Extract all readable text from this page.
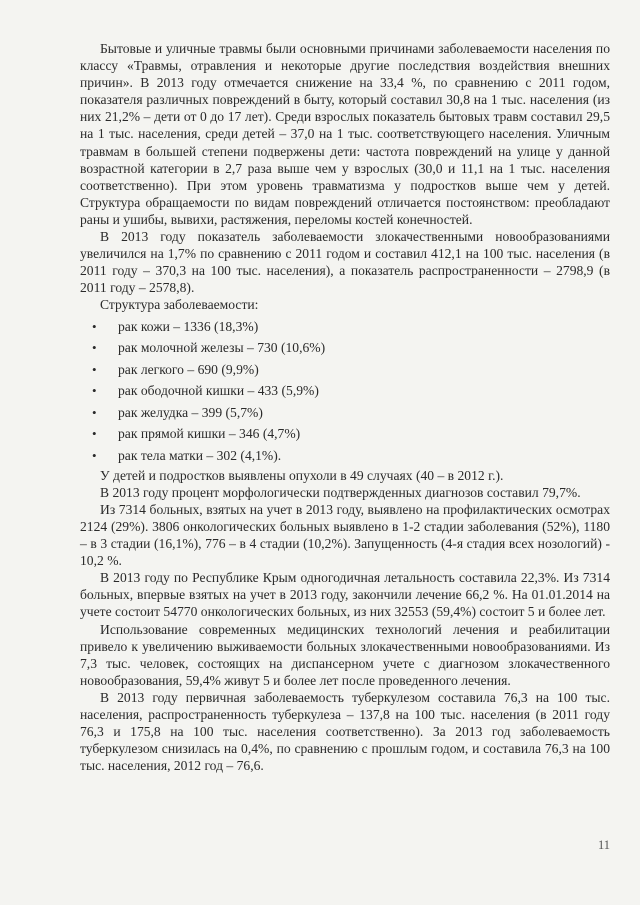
Бытовые и уличные травмы были основными причинами заболеваемости населения по классу «Травмы, отравления и некоторые другие последствия воздействия внешних причин». В 2013 году отмечается снижение на 33,4 %, по сравнению с 2011 годом, показателя различных повреждений в быту, который составил 30,8 на 1 тыс. населения (из них 21,2% – дети от 0 до 17 лет). Среди взрослых показатель бытовых травм составил 29,5 на 1 тыс. населения, среди детей – 37,0 на 1 тыс. соответствующего населения. Уличным травмам в большей степени подвержены дети: частота повреждений на улице у данной возрастной категории в 2,7 раза выше чем у взрослых (30,0 и 11,1 на 1 тыс. населения соответственно). При этом уровень травматизма у подростков выше чем у детей. Структура обращаемости по видам повреждений отличается постоянством: преобладают раны и ушибы, вывихи, растяжения, переломы костей конечностей.

В 2013 году показатель заболеваемости злокачественными новообразованиями увеличился на 1,7% по сравнению с 2011 годом и составил 412,1 на 100 тыс. населения (в 2011 году – 370,3 на 100 тыс. населения), а показатель распространенности – 2798,9 (в 2011 году – 2578,8).

Структура заболеваемости:

• рак кожи – 1336 (18,3%)
• рак молочной железы – 730 (10,6%)
• рак легкого – 690 (9,9%)
• рак ободочной кишки – 433 (5,9%)
• рак желудка – 399 (5,7%)
• рак прямой кишки – 346 (4,7%)
• рак тела матки – 302 (4,1%).

У детей и подростков выявлены опухоли в 49 случаях (40 – в 2012 г.).

В 2013 году процент морфологически подтвержденных диагнозов составил 79,7%.

Из 7314 больных, взятых на учет в 2013 году, выявлено на профилактических осмотрах 2124 (29%). 3806 онкологических больных выявлено в 1-2 стадии заболевания (52%), 1180 – в 3 стадии (16,1%), 776 – в 4 стадии (10,2%). Запущенность (4-я стадия всех нозологий) - 10,2 %.

В 2013 году по Республике Крым одногодичная летальность составила 22,3%. Из 7314 больных, впервые взятых на учет в 2013 году, закончили лечение 66,2 %. На 01.01.2014 на учете состоит 54770 онкологических больных, из них 32553 (59,4%) состоит 5 и более лет.

Использование современных медицинских технологий лечения и реабилитации привело к увеличению выживаемости больных злокачественными новообразованиями. Из 7,3 тыс. человек, состоящих на диспансерном учете с диагнозом злокачественного новообразования, 59,4% живут 5 и более лет после проведенного лечения.

В 2013 году первичная заболеваемость туберкулезом составила 76,3 на 100 тыс. населения, распространенность туберкулеза – 137,8 на 100 тыс. населения (в 2011 году 76,3 и 175,8 на 100 тыс. населения соответственно). За 2013 год заболеваемость туберкулезом снизилась на 0,4%, по сравнению с прошлым годом, и составила 76,3 на 100 тыс. населения, 2012 год – 76,6.

11
